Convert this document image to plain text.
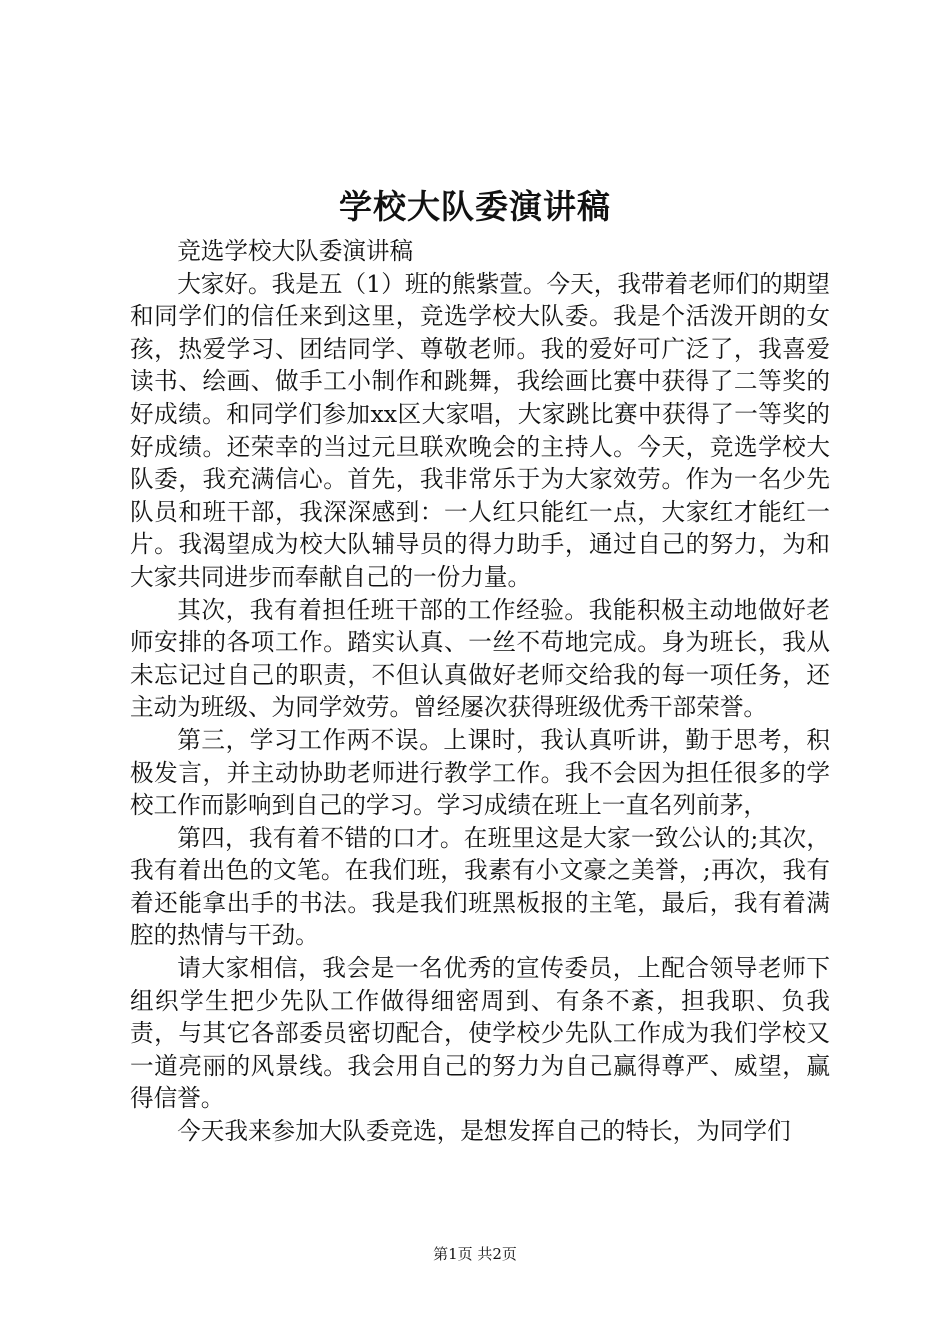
学校大队委演讲稿

竞选学校大队委演讲稿

大家好。我是五（1）班的熊紫萱。今天，我带着老师们的期望和同学们的信任来到这里，竞选学校大队委。我是个活泼开朗的女孩，热爱学习、团结同学、尊敬老师。我的爱好可广泛了，我喜爱读书、绘画、做手工小制作和跳舞，我绘画比赛中获得了二等奖的好成绩。和同学们参加xx区大家唱，大家跳比赛中获得了一等奖的好成绩。还荣幸的当过元旦联欢晚会的主持人。今天，竞选学校大队委，我充满信心。首先，我非常乐于为大家效劳。作为一名少先队员和班干部，我深深感到：一人红只能红一点，大家红才能红一片。我渴望成为校大队辅导员的得力助手，通过自己的努力，为和大家共同进步而奉献自己的一份力量。

其次，我有着担任班干部的工作经验。我能积极主动地做好老师安排的各项工作。踏实认真、一丝不苟地完成。身为班长，我从未忘记过自己的职责，不但认真做好老师交给我的每一项任务，还主动为班级、为同学效劳。曾经屡次获得班级优秀干部荣誉。

第三，学习工作两不误。上课时，我认真听讲，勤于思考，积极发言，并主动协助老师进行教学工作。我不会因为担任很多的学校工作而影响到自己的学习。学习成绩在班上一直名列前茅，

第四，我有着不错的口才。在班里这是大家一致公认的;其次，我有着出色的文笔。在我们班，我素有小文豪之美誉，;再次，我有着还能拿出手的书法。我是我们班黑板报的主笔，最后，我有着满腔的热情与干劲。

请大家相信，我会是一名优秀的宣传委员，上配合领导老师下组织学生把少先队工作做得细密周到、有条不紊，担我职、负我责，与其它各部委员密切配合，使学校少先队工作成为我们学校又一道亮丽的风景线。我会用自己的努力为自己赢得尊严、威望，赢得信誉。

今天我来参加大队委竞选，是想发挥自己的特长，为同学们

第1页 共2页
